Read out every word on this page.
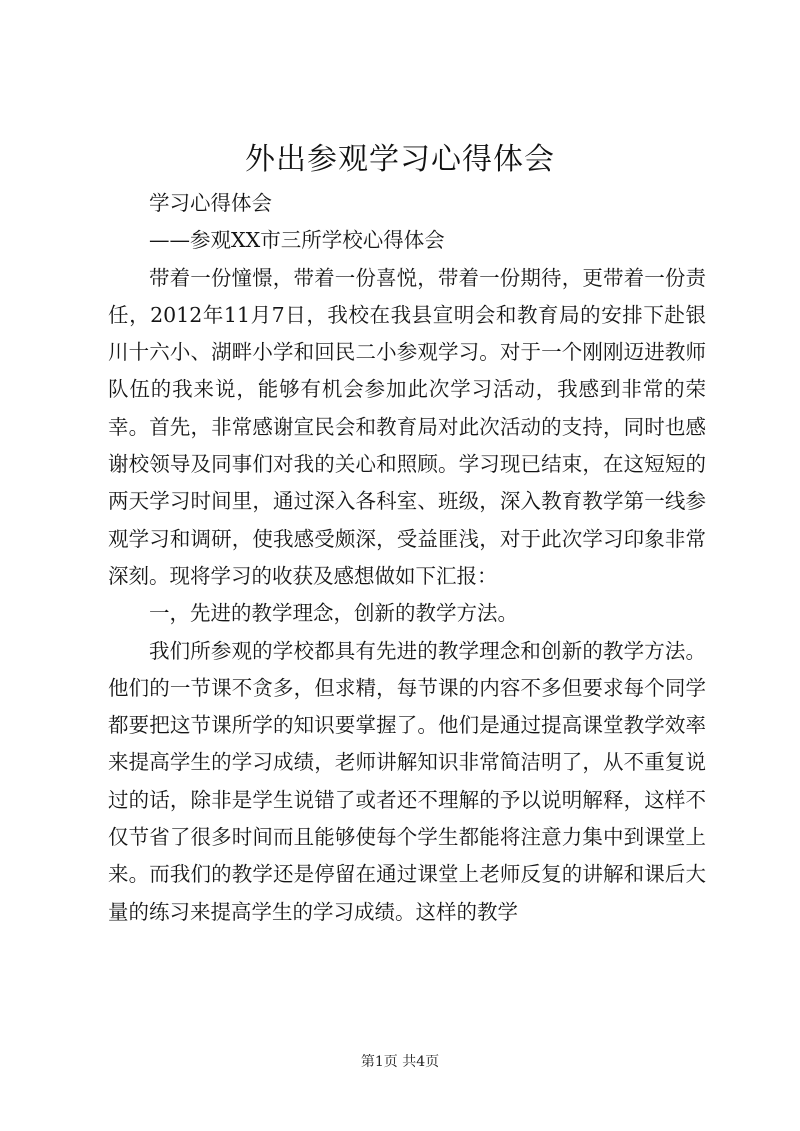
外出参观学习心得体会

学习心得体会

——参观XX市三所学校心得体会

带着一份憧憬，带着一份喜悦，带着一份期待，更带着一份责任，2012年11月7日，我校在我县宣明会和教育局的安排下赴银川十六小、湖畔小学和回民二小参观学习。对于一个刚刚迈进教师队伍的我来说，能够有机会参加此次学习活动，我感到非常的荣幸。首先，非常感谢宣民会和教育局对此次活动的支持，同时也感谢校领导及同事们对我的关心和照顾。学习现已结束，在这短短的两天学习时间里，通过深入各科室、班级，深入教育教学第一线参观学习和调研，使我感受颇深，受益匪浅，对于此次学习印象非常深刻。现将学习的收获及感想做如下汇报：

一，先进的教学理念，创新的教学方法。

我们所参观的学校都具有先进的教学理念和创新的教学方法。他们的一节课不贪多，但求精，每节课的内容不多但要求每个同学都要把这节课所学的知识要掌握了。他们是通过提高课堂教学效率来提高学生的学习成绩，老师讲解知识非常简洁明了，从不重复说过的话，除非是学生说错了或者还不理解的予以说明解释，这样不仅节省了很多时间而且能够使每个学生都能将注意力集中到课堂上来。而我们的教学还是停留在通过课堂上老师反复的讲解和课后大量的练习来提高学生的学习成绩。这样的教学

第1页 共4页
